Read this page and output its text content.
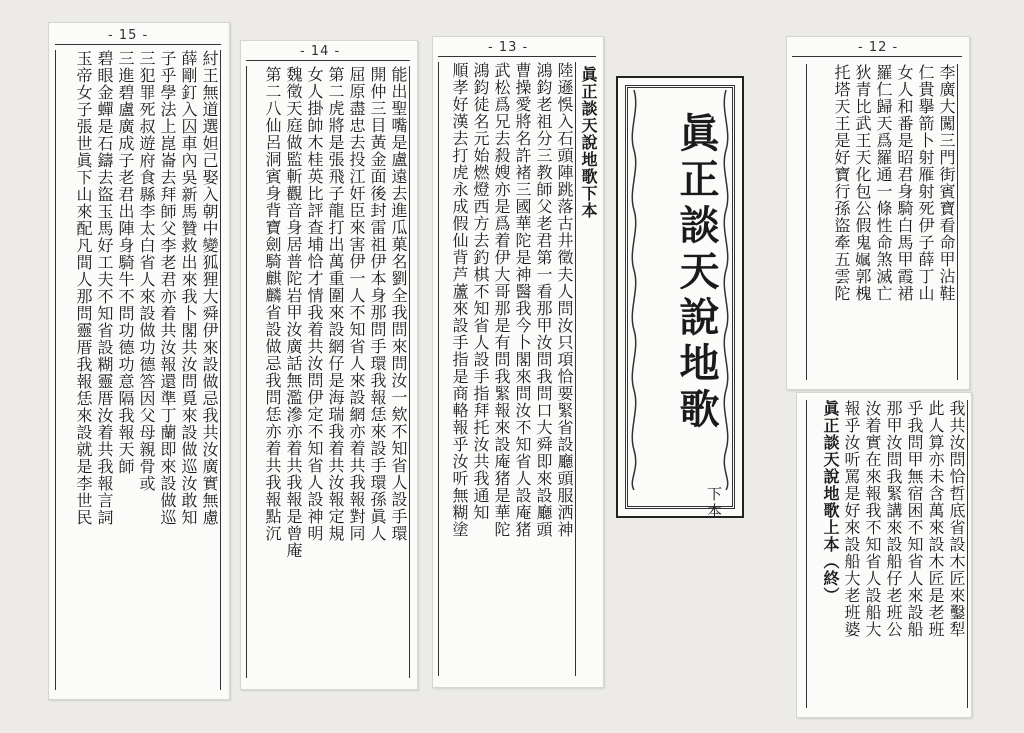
- 15 -
紂王無道選妲己娶入朝中變狐狸大舜伊來設做忌我共汝廣實無慮
薛剛釘入囚車內吳新馬贊救出來我卜閣共汝問覓來設做巡汝敢知
子乎學法上崑崙去拜師父李老君亦着共汝報還準丁蘭即來設做巡
三犯罪死叔遊府食縣李太白省人來設做功德答因父母親骨或
三進碧盧廣成子老君出陣身騎牛不問功德功意隔我報天師
碧眼金蟬是石鑄去盜玉馬好工夫不知省設糊靈厝汝着共我報言詞
玉帝女子張世眞下山來配凡間人那問靈厝我報恁來設就是李世民	- 14 -
能出聖嘴是盧遠去進瓜菓名劉全我問來問汝一欸不知省人設手環
開仲三目黃金面後封雷祖伊本身那問手環我報恁來設手環孫眞人
屈原盡忠去投江奸臣來害伊一人不知省人來設網亦着共我報對同
第二虎將是張飛子龍打出萬重圍來設網仔是海瑞我着共汝報定規
女人掛帥木桂英比評查埔恰才情我着共汝問伊定不知省人設神明
魏徵天庭做監斬觀音身居普陀岩甲汝廣話無濫滲亦着共我報是曾庵
第二八仙呂洞賓身背寶劍騎麒麟省設做忌我問恁亦着共我報點沉
- 13 -
陸遜悞入石頭陣跳落古井徵夫人問汝只項恰要緊省設廳頭服洒神
鴻鈞老祖分三教師父老君第一看那甲汝問我問口大舜即來設廳頭
曹操愛將名許褚三國華陀是神醫我今卜閣來問汝不知省人設庵猪
武松爲兄去殺嫂亦是爲着伊大哥那是有問我緊報來設庵猪是華陀
鴻鈞徒名元始燃燈西方去釣棋不知省人設手指拜托汝共我通知
順孝好漢去打虎永成假仙背芦蘆來設手指是商輅報乎汝听無糊塗	眞正談天說地歌下本 眞正談天說地歌
下本
- 12 -
李廣大闖三門街賓寶看命甲沾鞋
仁貴擧箭卜射雁射死伊子薛丁山
女人和番是昭君身騎白馬甲霞裙
羅仁歸天爲羅通一條性命煞滅亡
狄青比武王天化包公假鬼𡠟郭槐
托塔天王是好寶行孫盜牽五雲陀
我共汝問恰哲底省設木匠來鑿犁
此人算亦未含萬來設木匠是老班
乎我問甲無宿困不知省人來設船
那甲汝問我緊講來設船仔老班公
汝着實在來報我不知省人設船大
報乎汝听罵是好來設船大老班婆
眞正談天說地歌上本（終）
